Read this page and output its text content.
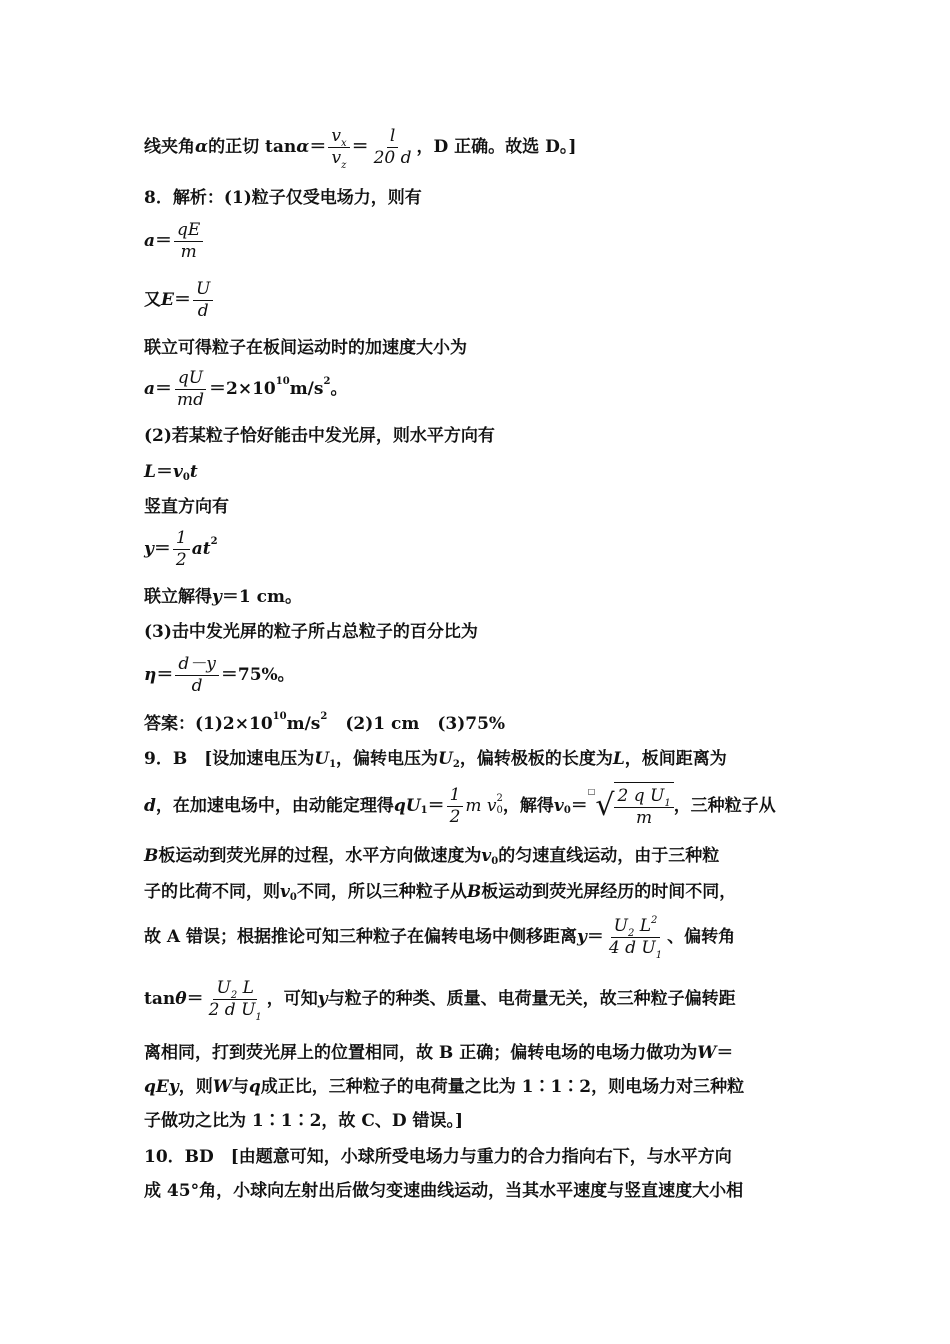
线夹角 α 的正切 $\tan \alpha = \frac{v_x}{v_z} = \frac{l}{20 d}$ ，D 正确。故选 D。]
8．解析：(1)粒子仅受电场力，则有
$a = \frac{qE}{m}$
又 $E = \frac{U}{d}$
联立可得粒子在板间运动时的加速度大小为
$a = \frac{qU}{md} =2\times 10$ 10 m/s 2 。
(2)若某粒子恰好能击中发光屏，则水平方向有
L ＝ v 0 t
竖直方向有
$y = \frac{1}{2}$ at 2
联立解得 y ＝1 cm。
(3)击中发光屏的粒子所占总粒子的百分比为
$\eta = \frac{d-y}{d} =75\%$。
答案：(1)2×10 10 m/s 2 (2)1 cm (3)75%
9．B　[设加速电压为 U 1 ，偏转电压为 U 2 ，偏转极板的长度为 L ，板间距离为
d ，在加速电场中，由动能定理得 qU $1 = \frac{1}{2}$ m v 2
0 ，解得 v 0 ＝
□ √ $\frac{2 q U_1}{m}$ ，三种粒子从
B 板运动到荧光屏的过程，水平方向做速度为 v 0 的匀速直线运动，由于三种粒
子的比荷不同，则 v 0 不同，所以三种粒子从 B 板运动到荧光屏经历的时间不同，
故 A 错误；根据推论可知三种粒子在偏转电场中侧移距离 $y = \frac{U_2 L^2}{4 d U_1}$ 、偏转角
$\tan \theta = \frac{U_2 L}{2 d U_1}$ ，可知 y 与粒子的种类、质量、电荷量无关，故三种粒子偏转距
离相同，打到荧光屏上的位置相同，故 B 正确；偏转电场的电场力做功为 W ＝
qEy ，则 W 与 q 成正比，三种粒子的电荷量之比为 1∶1∶2，则电场力对三种粒
子做功之比为 1∶1∶2，故 C、D 错误。]
10．BD　[由题意可知，小球所受电场力与重力的合力指向右下，与水平方向
成 45°角，小球向左射出后做匀变速曲线运动，当其水平速度与竖直速度大小相
